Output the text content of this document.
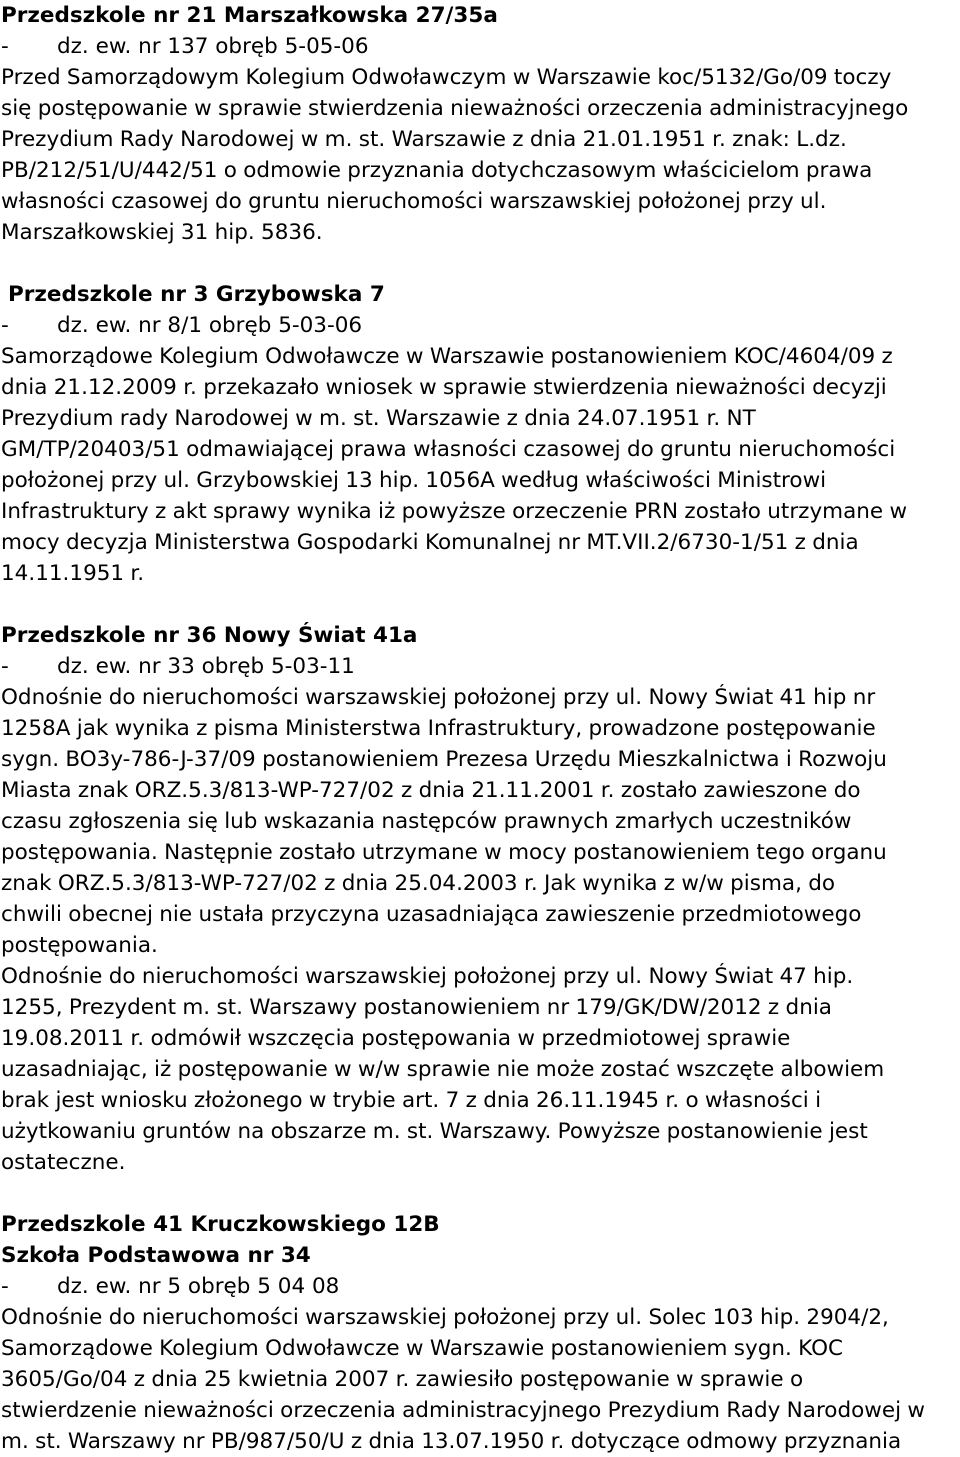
Przedszkole nr 21 Marszałkowska 27/35a
- dz. ew. nr 137 obręb 5-05-06
Przed Samorządowym Kolegium Odwoławczym w Warszawie koc/5132/Go/09 toczy
się postępowanie w sprawie stwierdzenia nieważności orzeczenia administracyjnego
Prezydium Rady Narodowej w m. st. Warszawie z dnia 21.01.1951 r. znak: L.dz.
PB/212/51/U/442/51 o odmowie przyznania dotychczasowym właścicielom prawa
własności czasowej do gruntu nieruchomości warszawskiej położonej przy ul.
Marszałkowskiej 31 hip. 5836.
Przedszkole nr 3 Grzybowska 7
- dz. ew. nr 8/1 obręb 5-03-06
Samorządowe Kolegium Odwoławcze w Warszawie postanowieniem KOC/4604/09 z
dnia 21.12.2009 r. przekazało wniosek w sprawie stwierdzenia nieważności decyzji
Prezydium rady Narodowej w m. st. Warszawie z dnia 24.07.1951 r. NT
GM/TP/20403/51 odmawiającej prawa własności czasowej do gruntu nieruchomości
położonej przy ul. Grzybowskiej 13 hip. 1056A według właściwości Ministrowi
Infrastruktury z akt sprawy wynika iż powyższe orzeczenie PRN zostało utrzymane w
mocy decyzja Ministerstwa Gospodarki Komunalnej nr MT.VII.2/6730-1/51 z dnia
14.11.1951 r.
Przedszkole nr 36 Nowy Świat 41a
- dz. ew. nr 33 obręb 5-03-11
Odnośnie do nieruchomości warszawskiej położonej przy ul. Nowy Świat 41 hip nr
1258A jak wynika z pisma Ministerstwa Infrastruktury, prowadzone postępowanie
sygn. BO3y-786-J-37/09 postanowieniem Prezesa Urzędu Mieszkalnictwa i Rozwoju
Miasta znak ORZ.5.3/813-WP-727/02 z dnia 21.11.2001 r. zostało zawieszone do
czasu zgłoszenia się lub wskazania następców prawnych zmarłych uczestników
postępowania. Następnie zostało utrzymane w mocy postanowieniem tego organu
znak ORZ.5.3/813-WP-727/02 z dnia 25.04.2003 r. Jak wynika z w/w pisma, do
chwili obecnej nie ustała przyczyna uzasadniająca zawieszenie przedmiotowego
postępowania.
Odnośnie do nieruchomości warszawskiej położonej przy ul. Nowy Świat 47 hip.
1255, Prezydent m. st. Warszawy postanowieniem nr 179/GK/DW/2012 z dnia
19.08.2011 r. odmówił wszczęcia postępowania w przedmiotowej sprawie
uzasadniając, iż postępowanie w w/w sprawie nie może zostać wszczęte albowiem
brak jest wniosku złożonego w trybie art. 7 z dnia 26.11.1945 r. o własności i
użytkowaniu gruntów na obszarze m. st. Warszawy. Powyższe postanowienie jest
ostateczne.
Przedszkole 41 Kruczkowskiego 12B
Szkoła Podstawowa nr 34
- dz. ew. nr 5 obręb 5 04 08
Odnośnie do nieruchomości warszawskiej położonej przy ul. Solec 103 hip. 2904/2,
Samorządowe Kolegium Odwoławcze w Warszawie postanowieniem sygn. KOC
3605/Go/04 z dnia 25 kwietnia 2007 r. zawiesiło postępowanie w sprawie o
stwierdzenie nieważności orzeczenia administracyjnego Prezydium Rady Narodowej w
m. st. Warszawy nr PB/987/50/U z dnia 13.07.1950 r. dotyczące odmowy przyznania
